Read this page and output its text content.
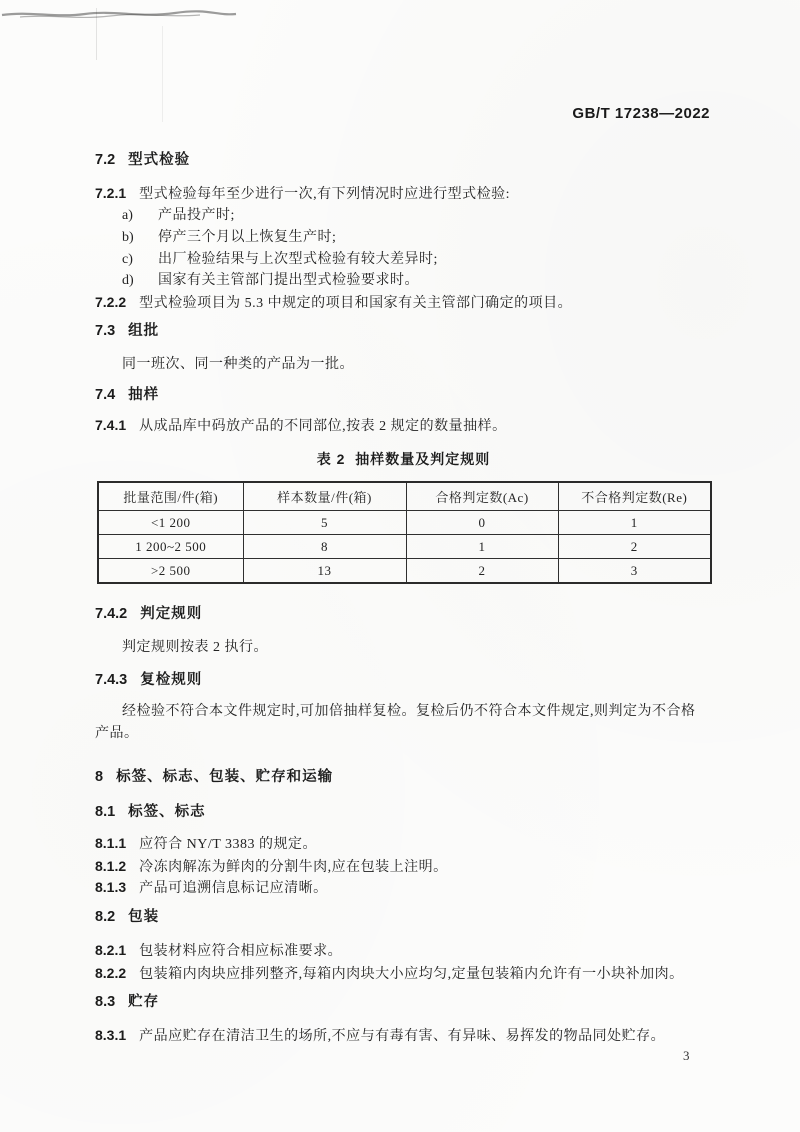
GB/T 17238—2022
7.2 型式检验
7.2.1 型式检验每年至少进行一次,有下列情况时应进行型式检验:
a) 产品投产时;
b) 停产三个月以上恢复生产时;
c) 出厂检验结果与上次型式检验有较大差异时;
d) 国家有关主管部门提出型式检验要求时。
7.2.2 型式检验项目为 5.3 中规定的项目和国家有关主管部门确定的项目。
7.3 组批
同一班次、同一种类的产品为一批。
7.4 抽样
7.4.1 从成品库中码放产品的不同部位,按表 2 规定的数量抽样。
表 2  抽样数量及判定规则
批量范围/件(箱)	样本数量/件(箱)	合格判定数(Ac)	不合格判定数(Re)
<1 200	5	0	1
1 200~2 500	8	1	2
>2 500	13	2	3
7.4.2 判定规则
判定规则按表 2 执行。
7.4.3 复检规则
经检验不符合本文件规定时,可加倍抽样复检。复检后仍不符合本文件规定,则判定为不合格
产品。
8 标签、标志、包装、贮存和运输
8.1 标签、标志
8.1.1 应符合 NY/T 3383 的规定。
8.1.2 冷冻肉解冻为鲜肉的分割牛肉,应在包装上注明。
8.1.3 产品可追溯信息标记应清晰。
8.2 包装
8.2.1 包装材料应符合相应标准要求。
8.2.2 包装箱内肉块应排列整齐,每箱内肉块大小应均匀,定量包装箱内允许有一小块补加肉。
8.3 贮存
8.3.1 产品应贮存在清洁卫生的场所,不应与有毒有害、有异味、易挥发的物品同处贮存。
3
